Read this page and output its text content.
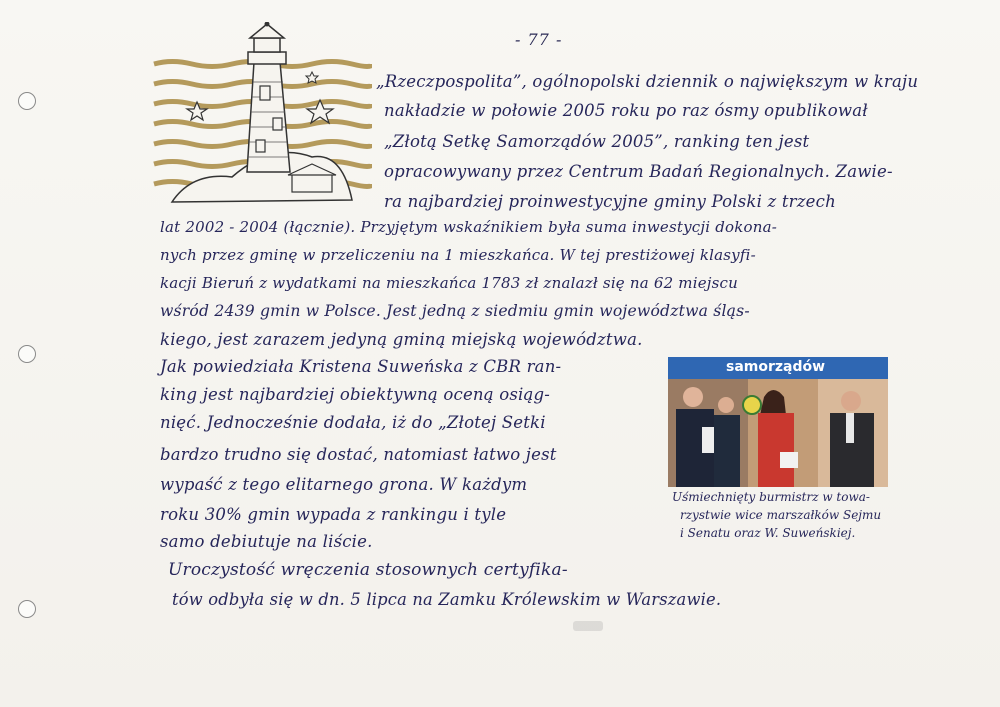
- 77 -
„Rzeczpospolita”, ogólnopolski dziennik o największym w kraju
nakładzie w połowie 2005 roku po raz ósmy opublikował
„Złotą Setkę Samorządów 2005”, ranking ten jest
opracowywany przez Centrum Badań Regionalnych. Zawie-
ra najbardziej proinwestycyjne gminy Polski z trzech
lat 2002 - 2004 (łącznie). Przyjętym wskaźnikiem była suma inwestycji dokona-
nych przez gminę w przeliczeniu na 1 mieszkańca. W tej prestiżowej klasyfi-
kacji Bieruń z wydatkami na mieszkańca 1783 zł znalazł się na 62 miejscu
wśród 2439 gmin w Polsce. Jest jedną z siedmiu gmin województwa śląs-
kiego, jest zarazem jedyną gminą miejską województwa.
Jak powiedziała Kristena Suweńska z CBR ran-
king jest najbardziej obiektywną oceną osiąg-
nięć. Jednocześnie dodała, iż do „Złotej Setki
bardzo trudno się dostać, natomiast łatwo jest
wypaść z tego elitarnego grona. W każdym
roku 30% gmin wypada z rankingu i tyle
samo debiutuje na liście.
Uroczystość wręczenia stosownych certyfika-
tów odbyła się w dn. 5 lipca na Zamku Królewskim w Warszawie.
samorządów
Uśmiechnięty burmistrz w towa-
rzystwie wice marszałków Sejmu
i Senatu oraz W. Suweńskiej.
